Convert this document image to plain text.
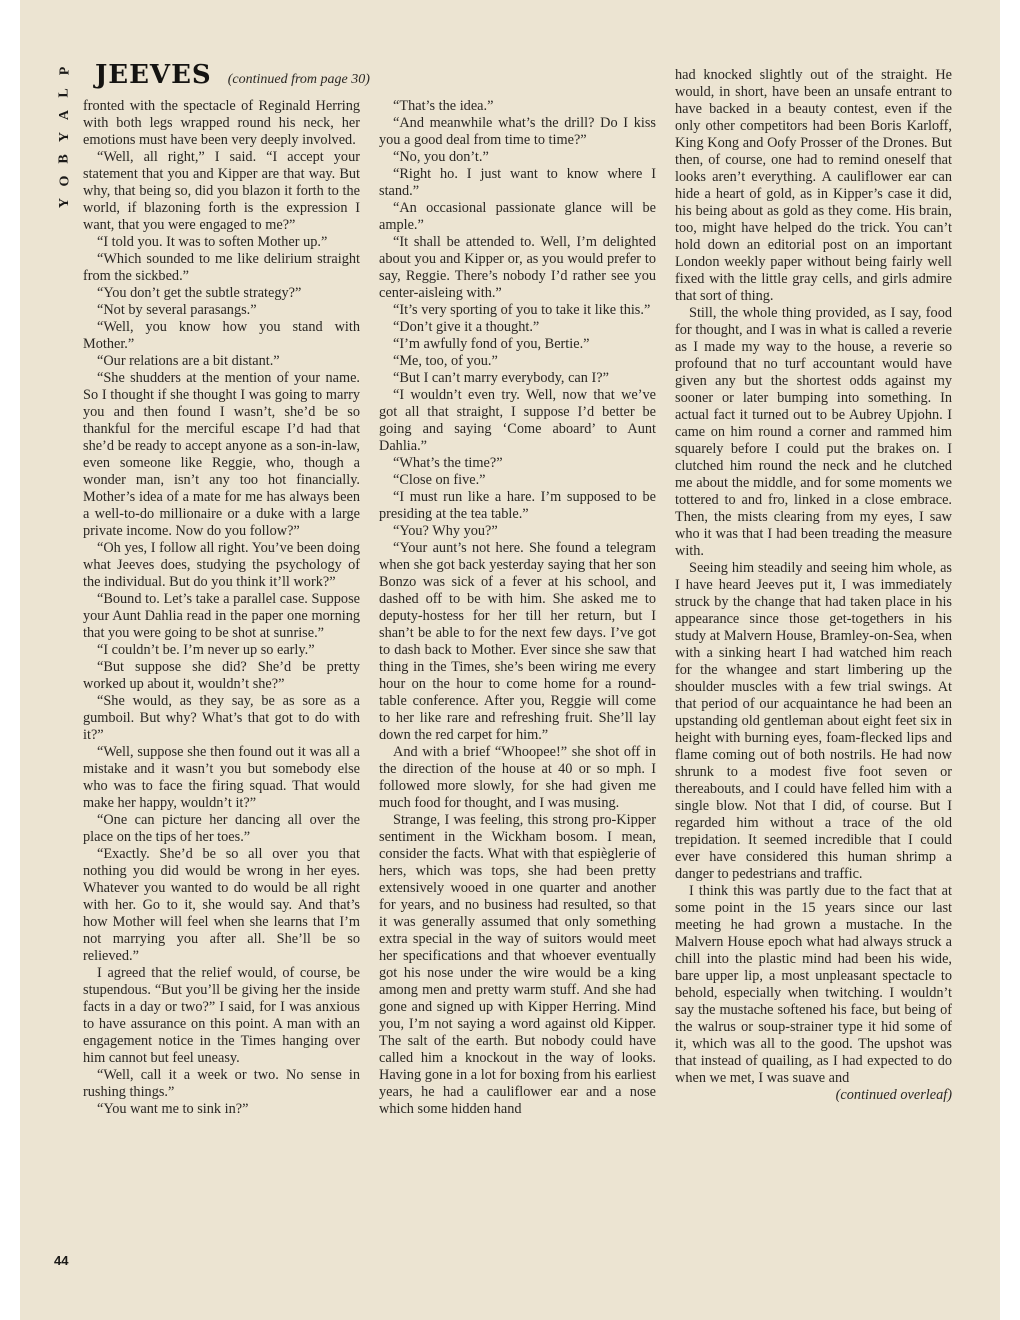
P
L
A
Y
B
O
Y
44
JEEVES (continued from page 30)

fronted with the spectacle of Reginald Herring with both legs wrapped round his neck, her emotions must have been very deeply involved.

“Well, all right,” I said. “I accept your statement that you and Kipper are that way. But why, that being so, did you blazon it forth to the world, if blazoning forth is the expression I want, that you were engaged to me?”

“I told you. It was to soften Mother up.”

“Which sounded to me like delirium straight from the sickbed.”

“You don’t get the subtle strategy?”

“Not by several parasangs.”

“Well, you know how you stand with Mother.”

“Our relations are a bit distant.”

“She shudders at the mention of your name. So I thought if she thought I was going to marry you and then found I wasn’t, she’d be so thankful for the merciful escape I’d had that she’d be ready to accept anyone as a son-in-law, even someone like Reggie, who, though a wonder man, isn’t any too hot financially. Mother’s idea of a mate for me has always been a well-to-do millionaire or a duke with a large private income. Now do you follow?”

“Oh yes, I follow all right. You’ve been doing what Jeeves does, studying the psychology of the individual. But do you think it’ll work?”

“Bound to. Let’s take a parallel case. Suppose your Aunt Dahlia read in the paper one morning that you were going to be shot at sunrise.”

“I couldn’t be. I’m never up so early.”

“But suppose she did? She’d be pretty worked up about it, wouldn’t she?”

“She would, as they say, be as sore as a gumboil. But why? What’s that got to do with it?”

“Well, suppose she then found out it was all a mistake and it wasn’t you but somebody else who was to face the firing squad. That would make her happy, wouldn’t it?”

“One can picture her dancing all over the place on the tips of her toes.”

“Exactly. She’d be so all over you that nothing you did would be wrong in her eyes. Whatever you wanted to do would be all right with her. Go to it, she would say. And that’s how Mother will feel when she learns that I’m not marrying you after all. She’ll be so relieved.”

I agreed that the relief would, of course, be stupendous. “But you’ll be giving her the inside facts in a day or two?” I said, for I was anxious to have assurance on this point. A man with an engagement notice in the Times hanging over him cannot but feel uneasy.

“Well, call it a week or two. No sense in rushing things.”

“You want me to sink in?”

“That’s the idea.”

“And meanwhile what’s the drill? Do I kiss you a good deal from time to time?”

“No, you don’t.”

“Right ho. I just want to know where I stand.”

“An occasional passionate glance will be ample.”

“It shall be attended to. Well, I’m delighted about you and Kipper or, as you would prefer to say, Reggie. There’s nobody I’d rather see you center-aisleing with.”

“It’s very sporting of you to take it like this.”

“Don’t give it a thought.”

“I’m awfully fond of you, Bertie.”

“Me, too, of you.”

“But I can’t marry everybody, can I?”

“I wouldn’t even try. Well, now that we’ve got all that straight, I suppose I’d better be going and saying ‘Come aboard’ to Aunt Dahlia.”

“What’s the time?”

“Close on five.”

“I must run like a hare. I’m supposed to be presiding at the tea table.”

“You? Why you?”

“Your aunt’s not here. She found a telegram when she got back yesterday saying that her son Bonzo was sick of a fever at his school, and dashed off to be with him. She asked me to deputy-hostess for her till her return, but I shan’t be able to for the next few days. I’ve got to dash back to Mother. Ever since she saw that thing in the Times, she’s been wiring me every hour on the hour to come home for a round-table conference. After you, Reggie will come to her like rare and refreshing fruit. She’ll lay down the red carpet for him.”

And with a brief “Whoopee!” she shot off in the direction of the house at 40 or so mph. I followed more slowly, for she had given me much food for thought, and I was musing.

Strange, I was feeling, this strong pro-Kipper sentiment in the Wickham bosom. I mean, consider the facts. What with that espièglerie of hers, which was tops, she had been pretty extensively wooed in one quarter and another for years, and no business had resulted, so that it was generally assumed that only something extra special in the way of suitors would meet her specifications and that whoever eventually got his nose under the wire would be a king among men and pretty warm stuff. And she had gone and signed up with Kipper Herring. Mind you, I’m not saying a word against old Kipper. The salt of the earth. But nobody could have called him a knockout in the way of looks. Having gone in a lot for boxing from his earliest years, he had a cauliflower ear and a nose which some hidden hand

had knocked slightly out of the straight. He would, in short, have been an unsafe entrant to have backed in a beauty contest, even if the only other competitors had been Boris Karloff, King Kong and Oofy Prosser of the Drones. But then, of course, one had to remind oneself that looks aren’t everything. A cauliflower ear can hide a heart of gold, as in Kipper’s case it did, his being about as gold as they come. His brain, too, might have helped do the trick. You can’t hold down an editorial post on an important London weekly paper without being fairly well fixed with the little gray cells, and girls admire that sort of thing.

Still, the whole thing provided, as I say, food for thought, and I was in what is called a reverie as I made my way to the house, a reverie so profound that no turf accountant would have given any but the shortest odds against my sooner or later bumping into something. In actual fact it turned out to be Aubrey Upjohn. I came on him round a corner and rammed him squarely before I could put the brakes on. I clutched him round the neck and he clutched me about the middle, and for some moments we tottered to and fro, linked in a close embrace. Then, the mists clearing from my eyes, I saw who it was that I had been treading the measure with.

Seeing him steadily and seeing him whole, as I have heard Jeeves put it, I was immediately struck by the change that had taken place in his appearance since those get-togethers in his study at Malvern House, Bramley-on-Sea, when with a sinking heart I had watched him reach for the whangee and start limbering up the shoulder muscles with a few trial swings. At that period of our acquaintance he had been an upstanding old gentleman about eight feet six in height with burning eyes, foam-flecked lips and flame coming out of both nostrils. He had now shrunk to a modest five foot seven or thereabouts, and I could have felled him with a single blow. Not that I did, of course. But I regarded him without a trace of the old trepidation. It seemed incredible that I could ever have considered this human shrimp a danger to pedestrians and traffic.

I think this was partly due to the fact that at some point in the 15 years since our last meeting he had grown a mustache. In the Malvern House epoch what had always struck a chill into the plastic mind had been his wide, bare upper lip, a most unpleasant spectacle to behold, especially when twitching. I wouldn’t say the mustache softened his face, but being of the walrus or soup-strainer type it hid some of it, which was all to the good. The upshot was that instead of quailing, as I had expected to do when we met, I was suave and

(continued overleaf)
